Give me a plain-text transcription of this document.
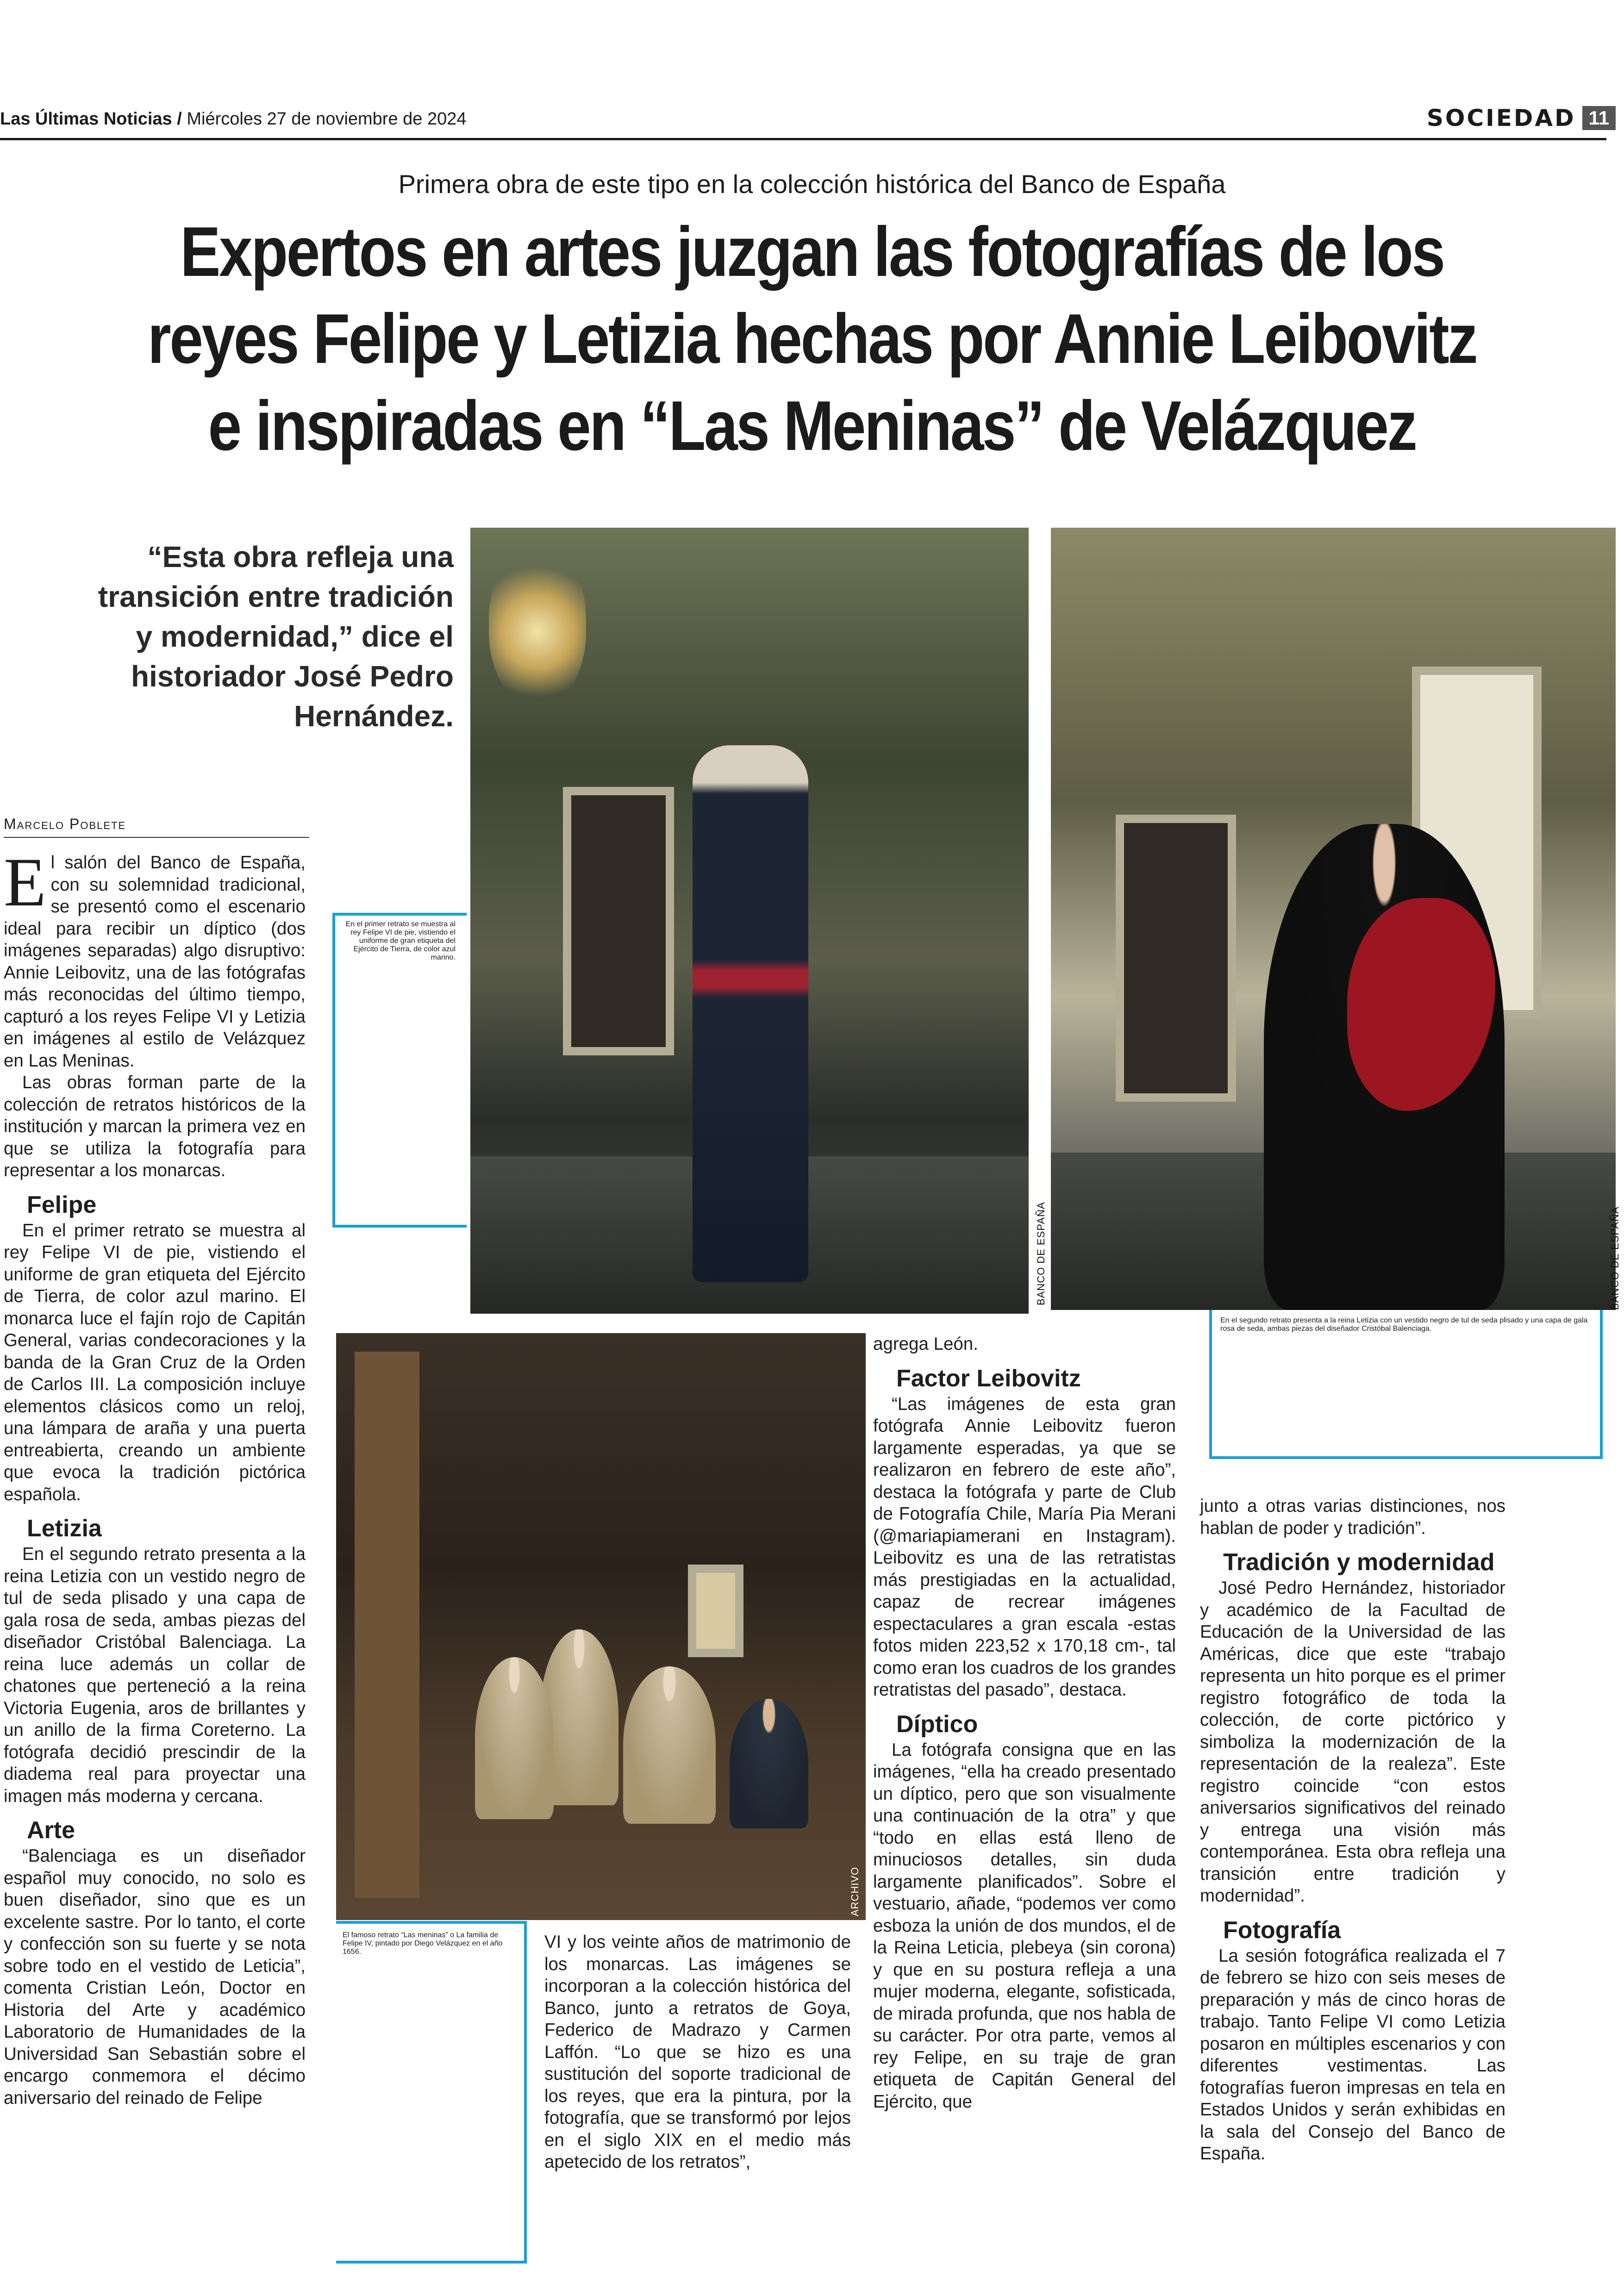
Las Últimas Noticias / Miércoles 27 de noviembre de 2024	SOCIEDAD 11
Primera obra de este tipo en la colección histórica del Banco de España
Expertos en artes juzgan las fotografías de los
reyes Felipe y Letizia hechas por Annie Leibovitz
e inspiradas en “Las Meninas” de Velázquez
“Esta obra refleja una transición entre tradición y modernidad,” dice el historiador José Pedro Hernández.
Marcelo Poblete

El salón del Banco de España, con su solemnidad tradicional, se presentó como el escenario ideal para recibir un díptico (dos imágenes separadas) algo disruptivo: Annie Leibovitz, una de las fotógrafas más reconocidas del último tiempo, capturó a los reyes Felipe VI y Letizia en imágenes al estilo de Velázquez en Las Meninas.

Las obras forman parte de la colección de retratos históricos de la institución y marcan la primera vez en que se utiliza la fotografía para representar a los monarcas.

Felipe

En el primer retrato se muestra al rey Felipe VI de pie, vistiendo el uniforme de gran etiqueta del Ejército de Tierra, de color azul marino. El monarca luce el fajín rojo de Capitán General, varias condecoraciones y la banda de la Gran Cruz de la Orden de Carlos III. La composición incluye elementos clásicos como un reloj, una lámpara de araña y una puerta entreabierta, creando un ambiente que evoca la tradición pictórica española.

Letizia

En el segundo retrato presenta a la reina Letizia con un vestido negro de tul de seda plisado y una capa de gala rosa de seda, ambas piezas del diseñador Cristóbal Balenciaga. La reina luce además un collar de chatones que perteneció a la reina Victoria Eugenia, aros de brillantes y un anillo de la firma Coreterno. La fotógrafa decidió prescindir de la diadema real para proyectar una imagen más moderna y cercana.

Arte

“Balenciaga es un diseñador español muy conocido, no solo es buen diseñador, sino que es un excelente sastre. Por lo tanto, el corte y confección son su fuerte y se nota sobre todo en el vestido de Leticia”, comenta Cristian León, Doctor en Historia del Arte y académico Laboratorio de Humanidades de la Universidad San Sebastián sobre el encargo conmemora el décimo aniversario del reinado de Felipe

En el primer retrato se muestra al rey Felipe VI de pie, vistiendo el uniforme de gran etiqueta del Ejército de Tierra, de color azul marino.
BANCO DE ESPAÑA	BANCO DE ESPAÑA
En el segundo retrato presenta a la reina Letizia con un vestido negro de tul de seda plisado y una capa de gala rosa de seda, ambas piezas del diseñador Cristóbal Balenciaga.
ARCHIVO
El famoso retrato “Las meninas” o La familia de Felipe IV, pintado por Diego Velázquez en el año 1656.	VI y los veinte años de matrimonio de los monarcas. Las imágenes se incorporan a la colección histórica del Banco, junto a retratos de Goya, Federico de Madrazo y Carmen Laffón. “Lo que se hizo es una sustitución del soporte tradicional de los reyes, que era la pintura, por la fotografía, que se transformó por lejos en el siglo XIX en el medio más apetecido de los retratos”,

agrega León.

Factor Leibovitz

“Las imágenes de esta gran fotógrafa Annie Leibovitz fueron largamente esperadas, ya que se realizaron en febrero de este año”, destaca la fotógrafa y parte de Club de Fotografía Chile, María Pia Merani (@mariapiamerani en Instagram). Leibovitz es una de las retratistas más prestigiadas en la actualidad, capaz de recrear imágenes espectaculares a gran escala -estas fotos miden 223,52 x 170,18 cm-, tal como eran los cuadros de los grandes retratistas del pasado”, destaca.

Díptico

La fotógrafa consigna que en las imágenes, “ella ha creado presentado un díptico, pero que son visualmente una continuación de la otra” y que “todo en ellas está lleno de minuciosos detalles, sin duda largamente planificados”. Sobre el vestuario, añade, “podemos ver como esboza la unión de dos mundos, el de la Reina Leticia, plebeya (sin corona) y que en su postura refleja a una mujer moderna, elegante, sofisticada, de mirada profunda, que nos habla de su carácter. Por otra parte, vemos al rey Felipe, en su traje de gran etiqueta de Capitán General del Ejército, que

junto a otras varias distinciones, nos hablan de poder y tradición”.

Tradición y modernidad

José Pedro Hernández, historiador y académico de la Facultad de Educación de la Universidad de las Américas, dice que este “trabajo representa un hito porque es el primer registro fotográfico de toda la colección, de corte pictórico y simboliza la modernización de la representación de la realeza”. Este registro coincide “con estos aniversarios significativos del reinado y entrega una visión más contemporánea. Esta obra refleja una transición entre tradición y modernidad”.

Fotografía

La sesión fotográfica realizada el 7 de febrero se hizo con seis meses de preparación y más de cinco horas de trabajo. Tanto Felipe VI como Letizia posaron en múltiples escenarios y con diferentes vestimentas. Las fotografías fueron impresas en tela en Estados Unidos y serán exhibidas en la sala del Consejo del Banco de España.
